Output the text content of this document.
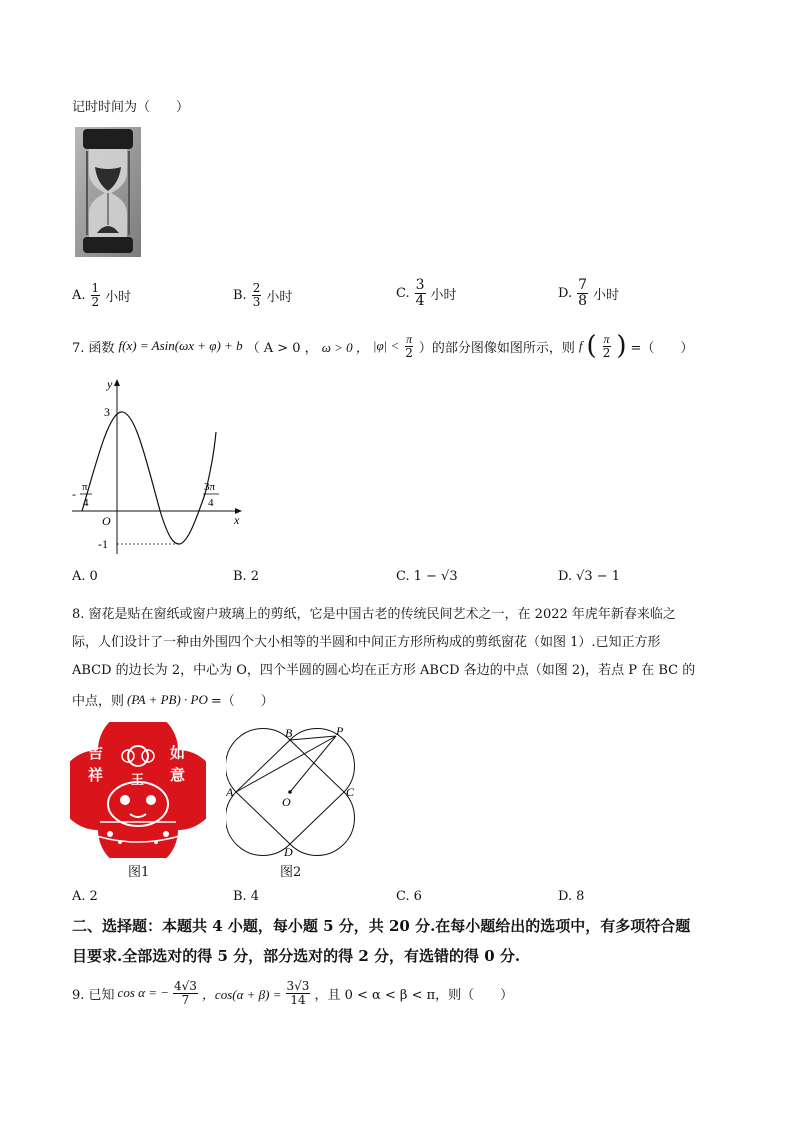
记时时间为（　　）
A. $\frac{1}{2}$ 小时	B. $\frac{2}{3}$ 小时	C. $\frac{3}{4}$ 小时	D. $\frac{7}{8}$ 小时
7. 函数 f(x) = Asin(ωx + φ) + b （ A > 0 ， ω > 0 ， $|\varphi| < \frac{\pi}{2}$ ）的部分图像如图所示，则 f ( $\frac{\pi}{2}$ ) =（　　）
y
x
O
3
-1
- π
4
3π
4
A. 0	B. 2	C. 1 − √3	D. √3 − 1
8. 窗花是贴在窗纸或窗户玻璃上的剪纸，它是中国古老的传统民间艺术之一，在 2022 年虎年新春来临之
际，人们设计了一种由外围四个大小相等的半圆和中间正方形所构成的剪纸窗花（如图 1）.已知正方形
ABCD 的边长为 2，中心为 O，四个半圆的圆心均在正方形 ABCD 各边的中点（如图 2)，若点 P 在 BC 的
中点，则 (PA + PB) · PO =（　　）
吉
祥
如
意
王
图1
A
B
C
D
P
O
图2
A. 2	B. 4	C. 6	D. 8
二、选择题：本题共 4 小题，每小题 5 分，共 20 分.在每小题给出的选项中，有多项符合题
目要求.全部选对的得 5 分，部分选对的得 2 分，有选错的得 0 分.
9. 已知 cos α = − $\frac{4√3}{7}$ ，$\cos(\alpha + \beta) = \frac{3√3}{14}$ ，且 0 < α < β < π，则（　　）
